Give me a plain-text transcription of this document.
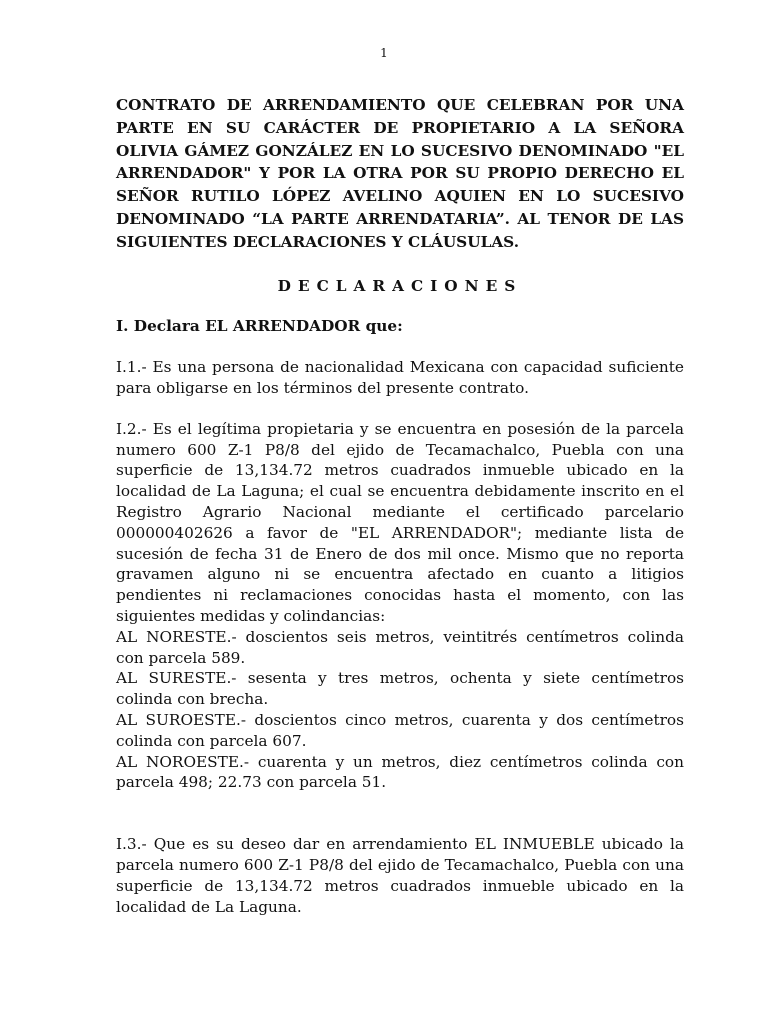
1

CONTRATO DE ARRENDAMIENTO QUE CELEBRAN POR UNA PARTE EN SU CARÁCTER DE PROPIETARIO A LA SEÑORA OLIVIA GÁMEZ GONZÁLEZ EN LO SUCESIVO DENOMINADO "EL ARRENDADOR" Y POR LA OTRA POR SU PROPIO DERECHO EL SEÑOR RUTILO LÓPEZ AVELINO AQUIEN EN LO SUCESIVO DENOMINADO “LA PARTE ARRENDATARIA”. AL TENOR DE LAS SIGUIENTES DECLARACIONES Y CLÁUSULAS.

DECLARACIONES

I. Declara EL ARRENDADOR que:

I.1.- Es una persona de nacionalidad Mexicana con capacidad suficiente para obligarse en los términos del presente contrato.

I.2.- Es el legítima propietaria y se encuentra en posesión de la parcela numero 600 Z-1 P8/8 del ejido de Tecamachalco, Puebla con una superficie de 13,134.72 metros cuadrados inmueble ubicado en la localidad de La Laguna; el cual se encuentra debidamente inscrito en el Registro Agrario Nacional mediante el certificado parcelario 000000402626 a favor de "EL ARRENDADOR"; mediante lista de sucesión de fecha 31 de Enero de dos mil once. Mismo que no reporta gravamen alguno ni se encuentra afectado en cuanto a litigios pendientes ni reclamaciones conocidas hasta el momento, con las siguientes medidas y colindancias:

AL NORESTE.- doscientos seis metros, veintitrés centímetros colinda con parcela 589.

AL SURESTE.- sesenta y tres metros, ochenta y siete centímetros colinda con brecha.

AL SUROESTE.- doscientos cinco metros, cuarenta y dos centímetros colinda con parcela 607.

AL NOROESTE.- cuarenta y un metros, diez centímetros colinda con parcela 498; 22.73 con parcela 51.

I.3.- Que es su deseo dar en arrendamiento EL INMUEBLE ubicado la parcela numero 600 Z-1 P8/8 del ejido de Tecamachalco, Puebla con una superficie de 13,134.72 metros cuadrados inmueble ubicado en la localidad de La Laguna.
